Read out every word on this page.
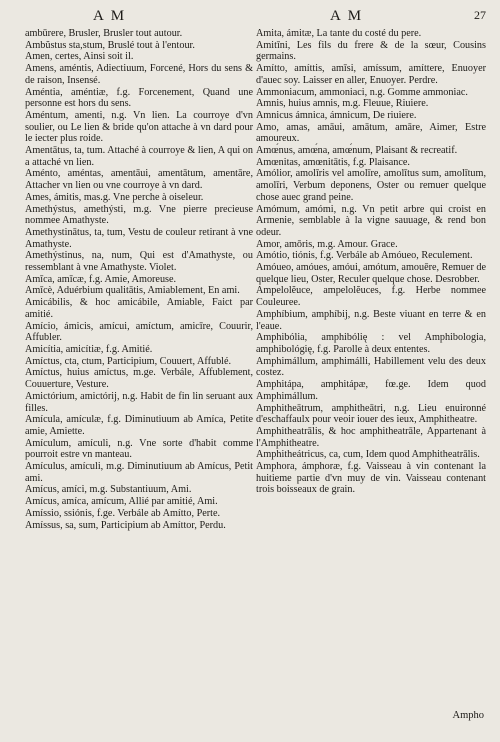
A M	A M	27

ambūrere, Brusler, Brusler tout autour.

Ambŭstus sta,stum, Bruslé tout à l'entour.

Amen, certes, Ainsi soit il.

Amens, améntis, Adiectiuum, Forcené, Hors du sens & de raison, Insensé.

Améntia, améntiæ, f.g. Forcenement, Quand une personne est hors du sens.

Améntum, amenti, n.g. Vn lien. La courroye d'vn soulier, ou Le lien & bride qu'on attache à vn dard pour le iecter plus roide.

Amentātus, ta, tum. Attaché à courroye & lien, A qui on a attaché vn lien.

Aménto, améntas, amentāui, amentātum, amentāre, Attacher vn lien ou vne courroye à vn dard.

Ames, ámitis, mas.g. Vne perche à oiseleur.

Amethýstus, amethýsti, m.g. Vne pierre precieuse nommee Amathyste.

Amethystinātus, ta, tum, Vestu de couleur retirant à vne Amathyste.

Amethýstinus, na, num, Qui est d'Amathyste, ou ressemblant à vne Amathyste. Violet.

Amīca, amīcæ, f.g. Amie, Amoreuse.

Amīcè, Aduérbium qualitātis, Amiablement, En ami.

Amicábilis, & hoc amicábile, Amiable, Faict par amitié.

Amício, ámicis, amícui, amíctum, amicīre, Couurir, Affubler.

Amicítia, amicítiæ, f.g. Amitié.

Amíctus, cta, ctum, Participium, Couuert, Affublé.

Amíctus, huius amíctus, m.ge. Verbále, Affublement, Couuerture, Vesture.

Amictórium, amictórij, n.g. Habit de fin lin seruant aux filles.

Amícula, amículæ, f.g. Diminutiuum ab Amíca, Petite amie, Amiette.

Amículum, amículi, n.g. Vne sorte d'habit comme pourroit estre vn manteau.

Amículus, amículi, m.g. Diminutiuum ab Amícus, Petit ami.

Amícus, amíci, m.g. Substantiuum, Ami.

Amícus, amíca, amícum, Allié par amitié, Ami.

Amíssio, ssiónis, f.ge. Verbále ab Amítto, Perte.

Amíssus, sa, sum, Participium ab Amíttor, Perdu.

Amita, ámitæ, La tante du costé du pere.

Amitīni, Les fils du frere & de la sœur, Cousins germains.

Amítto, amíttis, amīsi, amíssum, amíttere, Enuoyer d'auec soy. Laisser en aller, Enuoyer. Perdre.

Ammoniacum, ammoniaci, n.g. Gomme ammoniac.

Amnis, huius amnis, m.g. Fleuue, Riuiere.

Amnicus ámnica, ámnicum, De riuiere.

Amo, amas, amāui, amātum, amāre, Aimer, Estre amoureux.

Amœ́nus, amœ́na, amœ́num, Plaisant & recreatif.

Amœnitas, amœnitātis, f.g. Plaisance.

Amólior, amolīris vel amolīre, amolītus sum, amolītum, amolīri, Verbum deponens, Oster ou remuer quelque chose auec grand peine.

Amómum, amómi, n.g. Vn petit arbre qui croist en Armenie, semblable à la vigne sauuage, & rend bon odeur.

Amor, amōris, m.g. Amour. Grace.

Amótio, tiónis, f.g. Verbále ab Amóueo, Reculement.

Amóueo, amóues, amóui, amótum, amouēre, Remuer de quelque lieu, Oster, Reculer quelque chose. Desrobber.

Ampelolĕuce, ampelolĕuces, f.g. Herbe nommee Couleuree.

Amphíbium, amphíbij, n.g. Beste viuant en terre & en l'eaue.

Amphibólia, amphibólię : vel Amphibologia, amphibológię, f.g. Parolle à deux ententes.

Amphimállum, amphimálli, Habillement velu des deux costez.

Amphitápa, amphitápæ, fœ.ge. Idem quod Amphimállum.

Amphitheātrum, amphitheātri, n.g. Lieu enuironné d'eschaffaulx pour veoir iouer des ieux, Amphitheatre.

Amphitheatrālis, & hoc amphitheatrāle, Appartenant à l'Amphitheatre.

Amphitheátricus, ca, cum, Idem quod Amphitheatrālis.

Amphora, ámphoræ, f.g. Vaisseau à vin contenant la huitieme partie d'vn muy de vin. Vaisseau contenant trois boisseaux de grain.

Ampho
